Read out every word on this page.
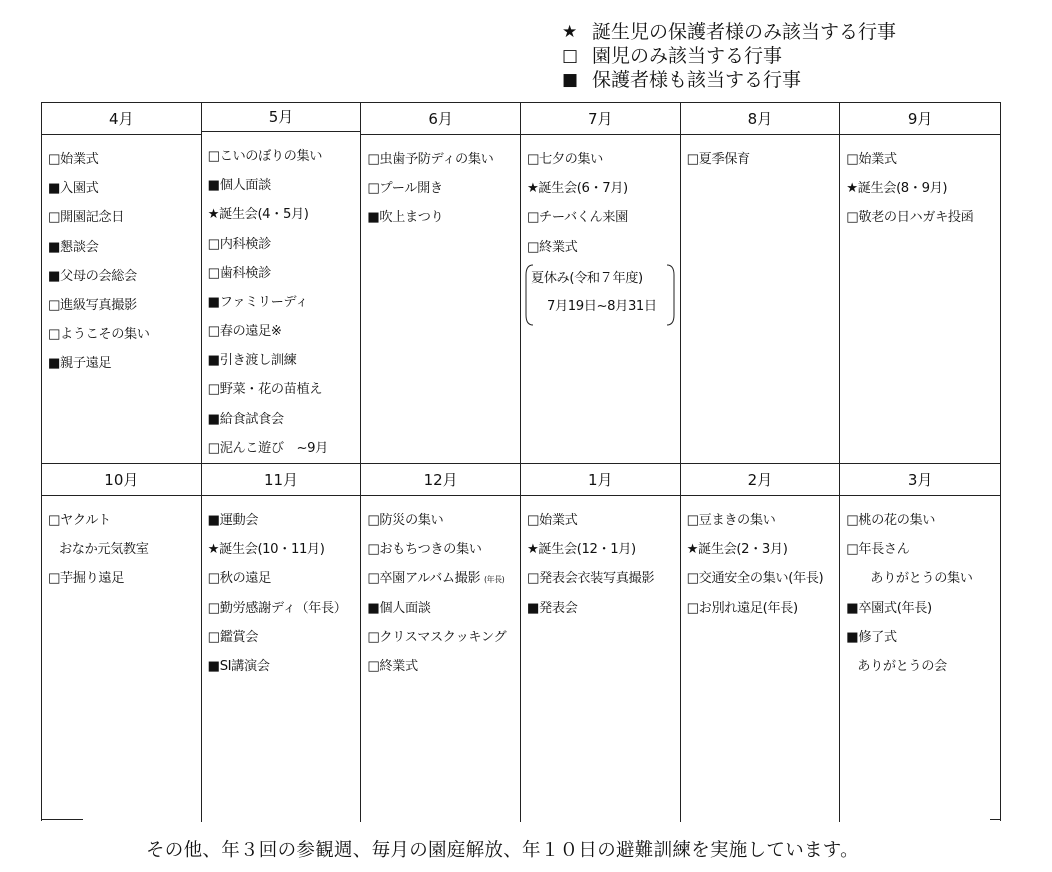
★ 誕生児の保護者様のみ該当する行事
□ 園児のみ該当する行事
■ 保護者様も該当する行事
4月
□始業式
■入園式
□開園記念日
■懇談会
■父母の会総会
□進級写真撮影
□ようこその集い
■親子遠足
5月
□こいのぼりの集い
■個人面談
★誕生会(4・5月)
□内科検診
□歯科検診
■ファミリーディ
□春の遠足※
■引き渡し訓練
□野菜・花の苗植え
■給食試食会
□泥んこ遊び　~9月
6月
□虫歯予防ディの集い
□プール開き
■吹上まつり
7月
□七夕の集い
★誕生会(6・7月)
□チーバくん来園
□終業式
夏休み(令和７年度)
7月19日~8月31日
8月
□夏季保育
9月
□始業式
★誕生会(8・9月)
□敬老の日ハガキ投函
10月
□ヤクルト
おなか元気教室
□芋掘り遠足
11月
■運動会
★誕生会(10・11月)
□秋の遠足
□勤労感謝ディ（年長）
□鑑賞会
■SI講演会
12月
□防災の集い
□おもちつきの集い
□卒園アルバム撮影 (年長)
■個人面談
□クリスマスクッキング
□終業式
1月
□始業式
★誕生会(12・1月)
□発表会衣装写真撮影
■発表会
2月
□豆まきの集い
★誕生会(2・3月)
□交通安全の集い(年長)
□お別れ遠足(年長)
3月
□桃の花の集い
□年長さん
ありがとうの集い
■卒園式(年長)
■修了式
ありがとうの会
その他、年３回の参観週、毎月の園庭解放、年１０日の避難訓練を実施しています。
